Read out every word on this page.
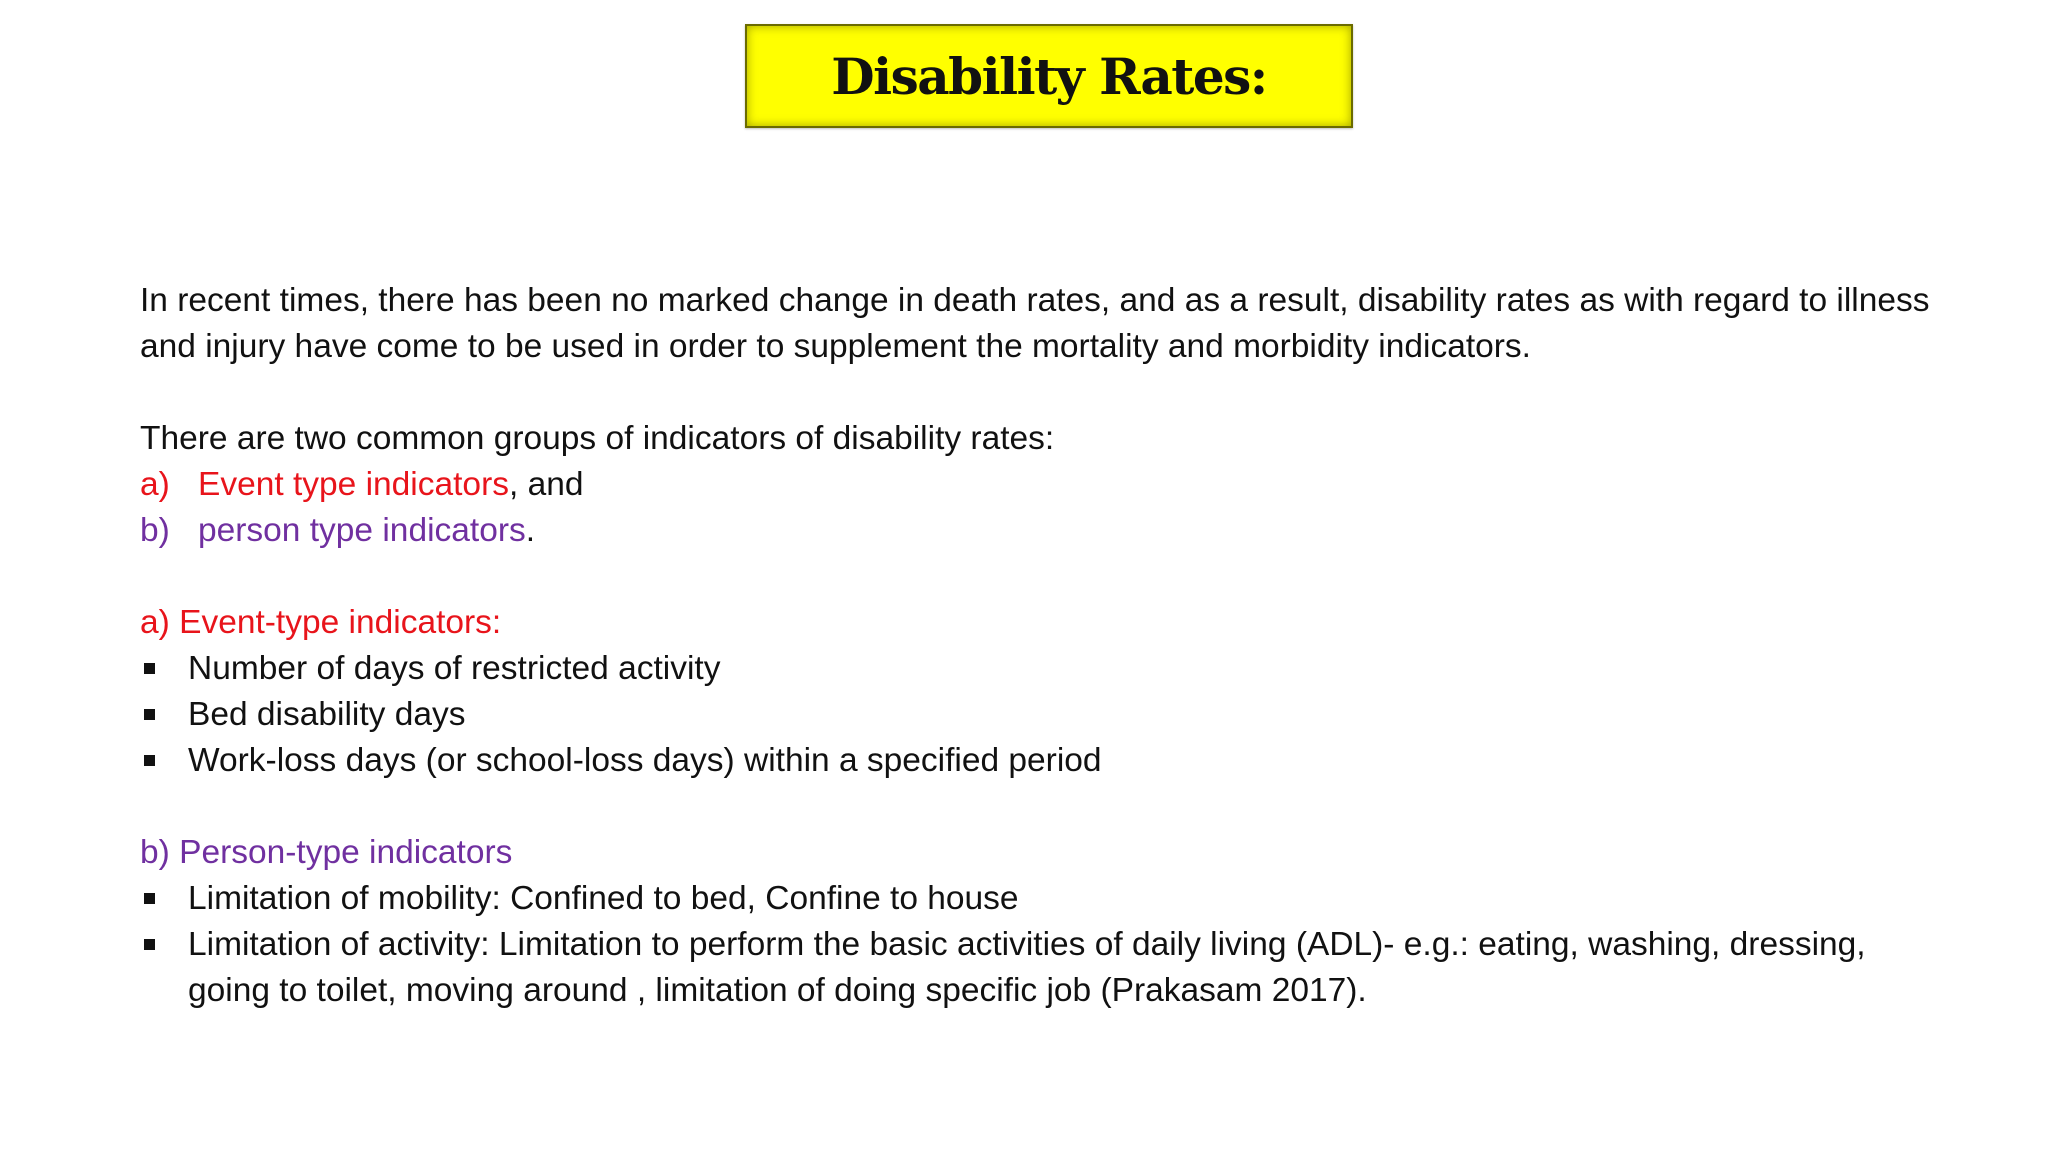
Disability Rates:

In recent times, there has been no marked change in death rates, and as a result, disability rates as with regard to illness and injury have come to be used in order to supplement the mortality and morbidity indicators.

There are two common groups of indicators of disability rates:

a) Event type indicators, and
b) person type indicators.

a) Event-type indicators:

Number of days of restricted activity
Bed disability days
Work-loss days (or school-loss days) within a specified period

b) Person-type indicators

Limitation of mobility: Confined to bed, Confine to house
Limitation of activity: Limitation to perform the basic activities of daily living (ADL)- e.g.: eating, washing, dressing, going to toilet, moving around , limitation of doing specific job (Prakasam 2017).
